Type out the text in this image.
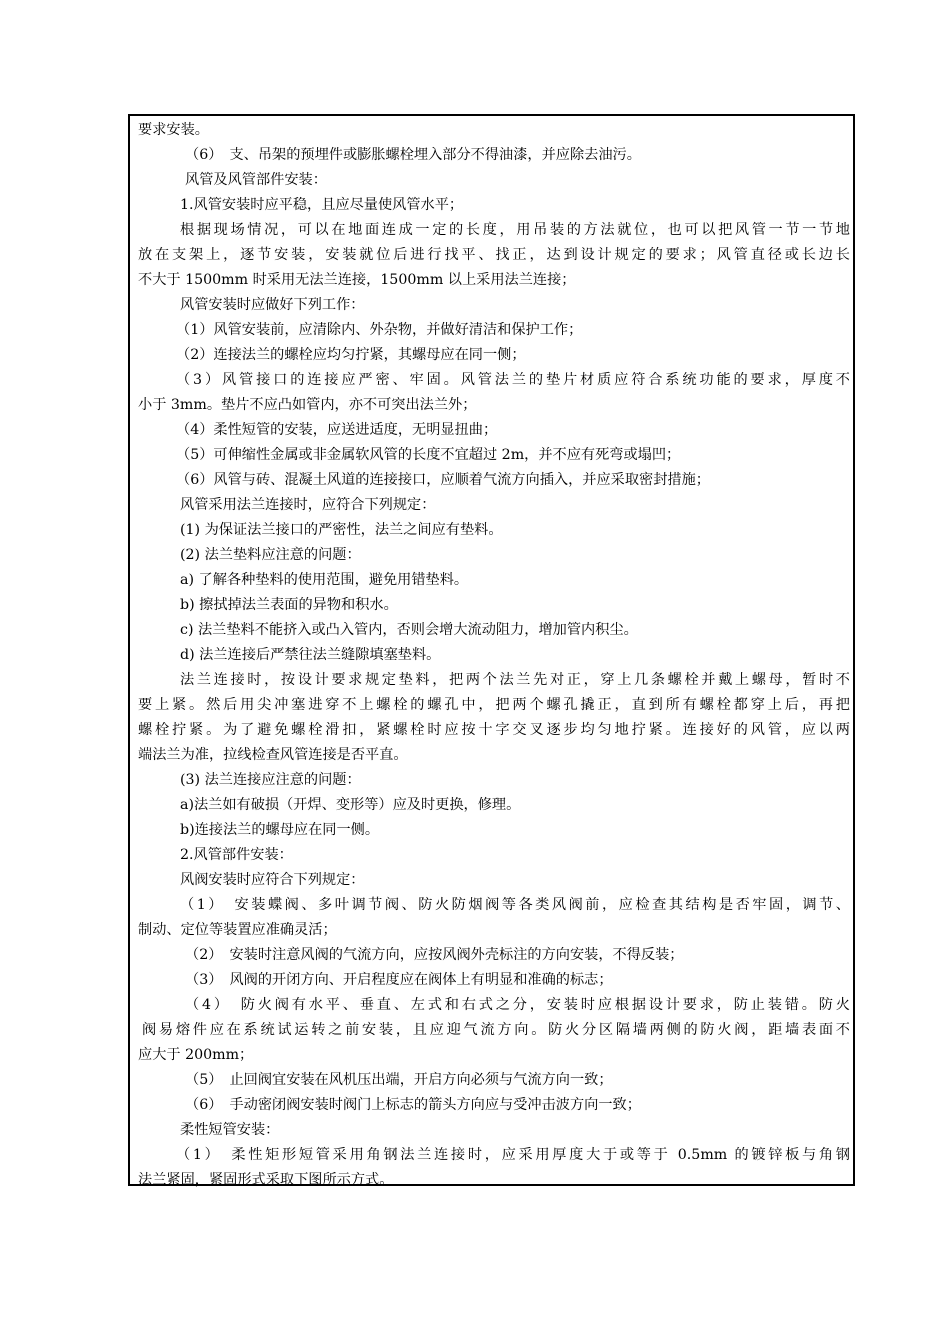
要求安装。
（6）　支、吊架的预埋件或膨胀螺栓埋入部分不得油漆，并应除去油污。
风管及风管部件安装：
1.风管安装时应平稳，且应尽量使风管水平；
根据现场情况，可以在地面连成一定的长度，用吊装的方法就位，也可以把风管一节一节地
放在支架上，逐节安装，安装就位后进行找平、找正，达到设计规定的要求；风管直径或长边长
不大于 1500mm 时采用无法兰连接，1500mm 以上采用法兰连接；
风管安装时应做好下列工作：
（1）风管安装前，应清除内、外杂物，并做好清洁和保护工作；
（2）连接法兰的螺栓应均匀拧紧，其螺母应在同一侧；
（3）风管接口的连接应严密、牢固。风管法兰的垫片材质应符合系统功能的要求，厚度不
小于 3mm。垫片不应凸如管内，亦不可突出法兰外；
（4）柔性短管的安装，应送进适度，无明显扭曲；
（5）可伸缩性金属或非金属软风管的长度不宜超过 2m，并不应有死弯或塌凹；
（6）风管与砖、混凝土风道的连接接口，应顺着气流方向插入，并应采取密封措施；
风管采用法兰连接时，应符合下列规定：
(1) 为保证法兰接口的严密性，法兰之间应有垫料。
(2) 法兰垫料应注意的问题：
a) 了解各种垫料的使用范围，避免用错垫料。
b) 擦拭掉法兰表面的异物和积水。
c) 法兰垫料不能挤入或凸入管内，否则会增大流动阻力，增加管内积尘。
d) 法兰连接后严禁往法兰缝隙填塞垫料。
法兰连接时，按设计要求规定垫料，把两个法兰先对正，穿上几条螺栓并戴上螺母，暂时不
要上紧。然后用尖冲塞进穿不上螺栓的螺孔中，把两个螺孔撬正，直到所有螺栓都穿上后，再把
螺栓拧紧。为了避免螺栓滑扣，紧螺栓时应按十字交叉逐步均匀地拧紧。连接好的风管，应以两
端法兰为准，拉线检查风管连接是否平直。
(3) 法兰连接应注意的问题：
a)法兰如有破损（开焊、变形等）应及时更换，修理。
b)连接法兰的螺母应在同一侧。
2.风管部件安装：
风阀安装时应符合下列规定：
（1）　安装蝶阀、多叶调节阀、防火防烟阀等各类风阀前，应检查其结构是否牢固，调节、
制动、定位等装置应准确灵活；
（2）　安装时注意风阀的气流方向，应按风阀外壳标注的方向安装，不得反装；
（3）　风阀的开闭方向、开启程度应在阀体上有明显和准确的标志；
（4）　防火阀有水平、垂直、左式和右式之分，安装时应根据设计要求，防止装错。防火
阀易熔件应在系统试运转之前安装，且应迎气流方向。防火分区隔墙两侧的防火阀，距墙表面不
应大于 200mm；
（5）　止回阀宜安装在风机压出端，开启方向必须与气流方向一致；
（6）　手动密闭阀安装时阀门上标志的箭头方向应与受冲击波方向一致；
柔性短管安装：
（1）　柔性矩形短管采用角钢法兰连接时，应采用厚度大于或等于 0.5mm 的镀锌板与角钢
法兰紧固，紧固形式采取下图所示方式。
